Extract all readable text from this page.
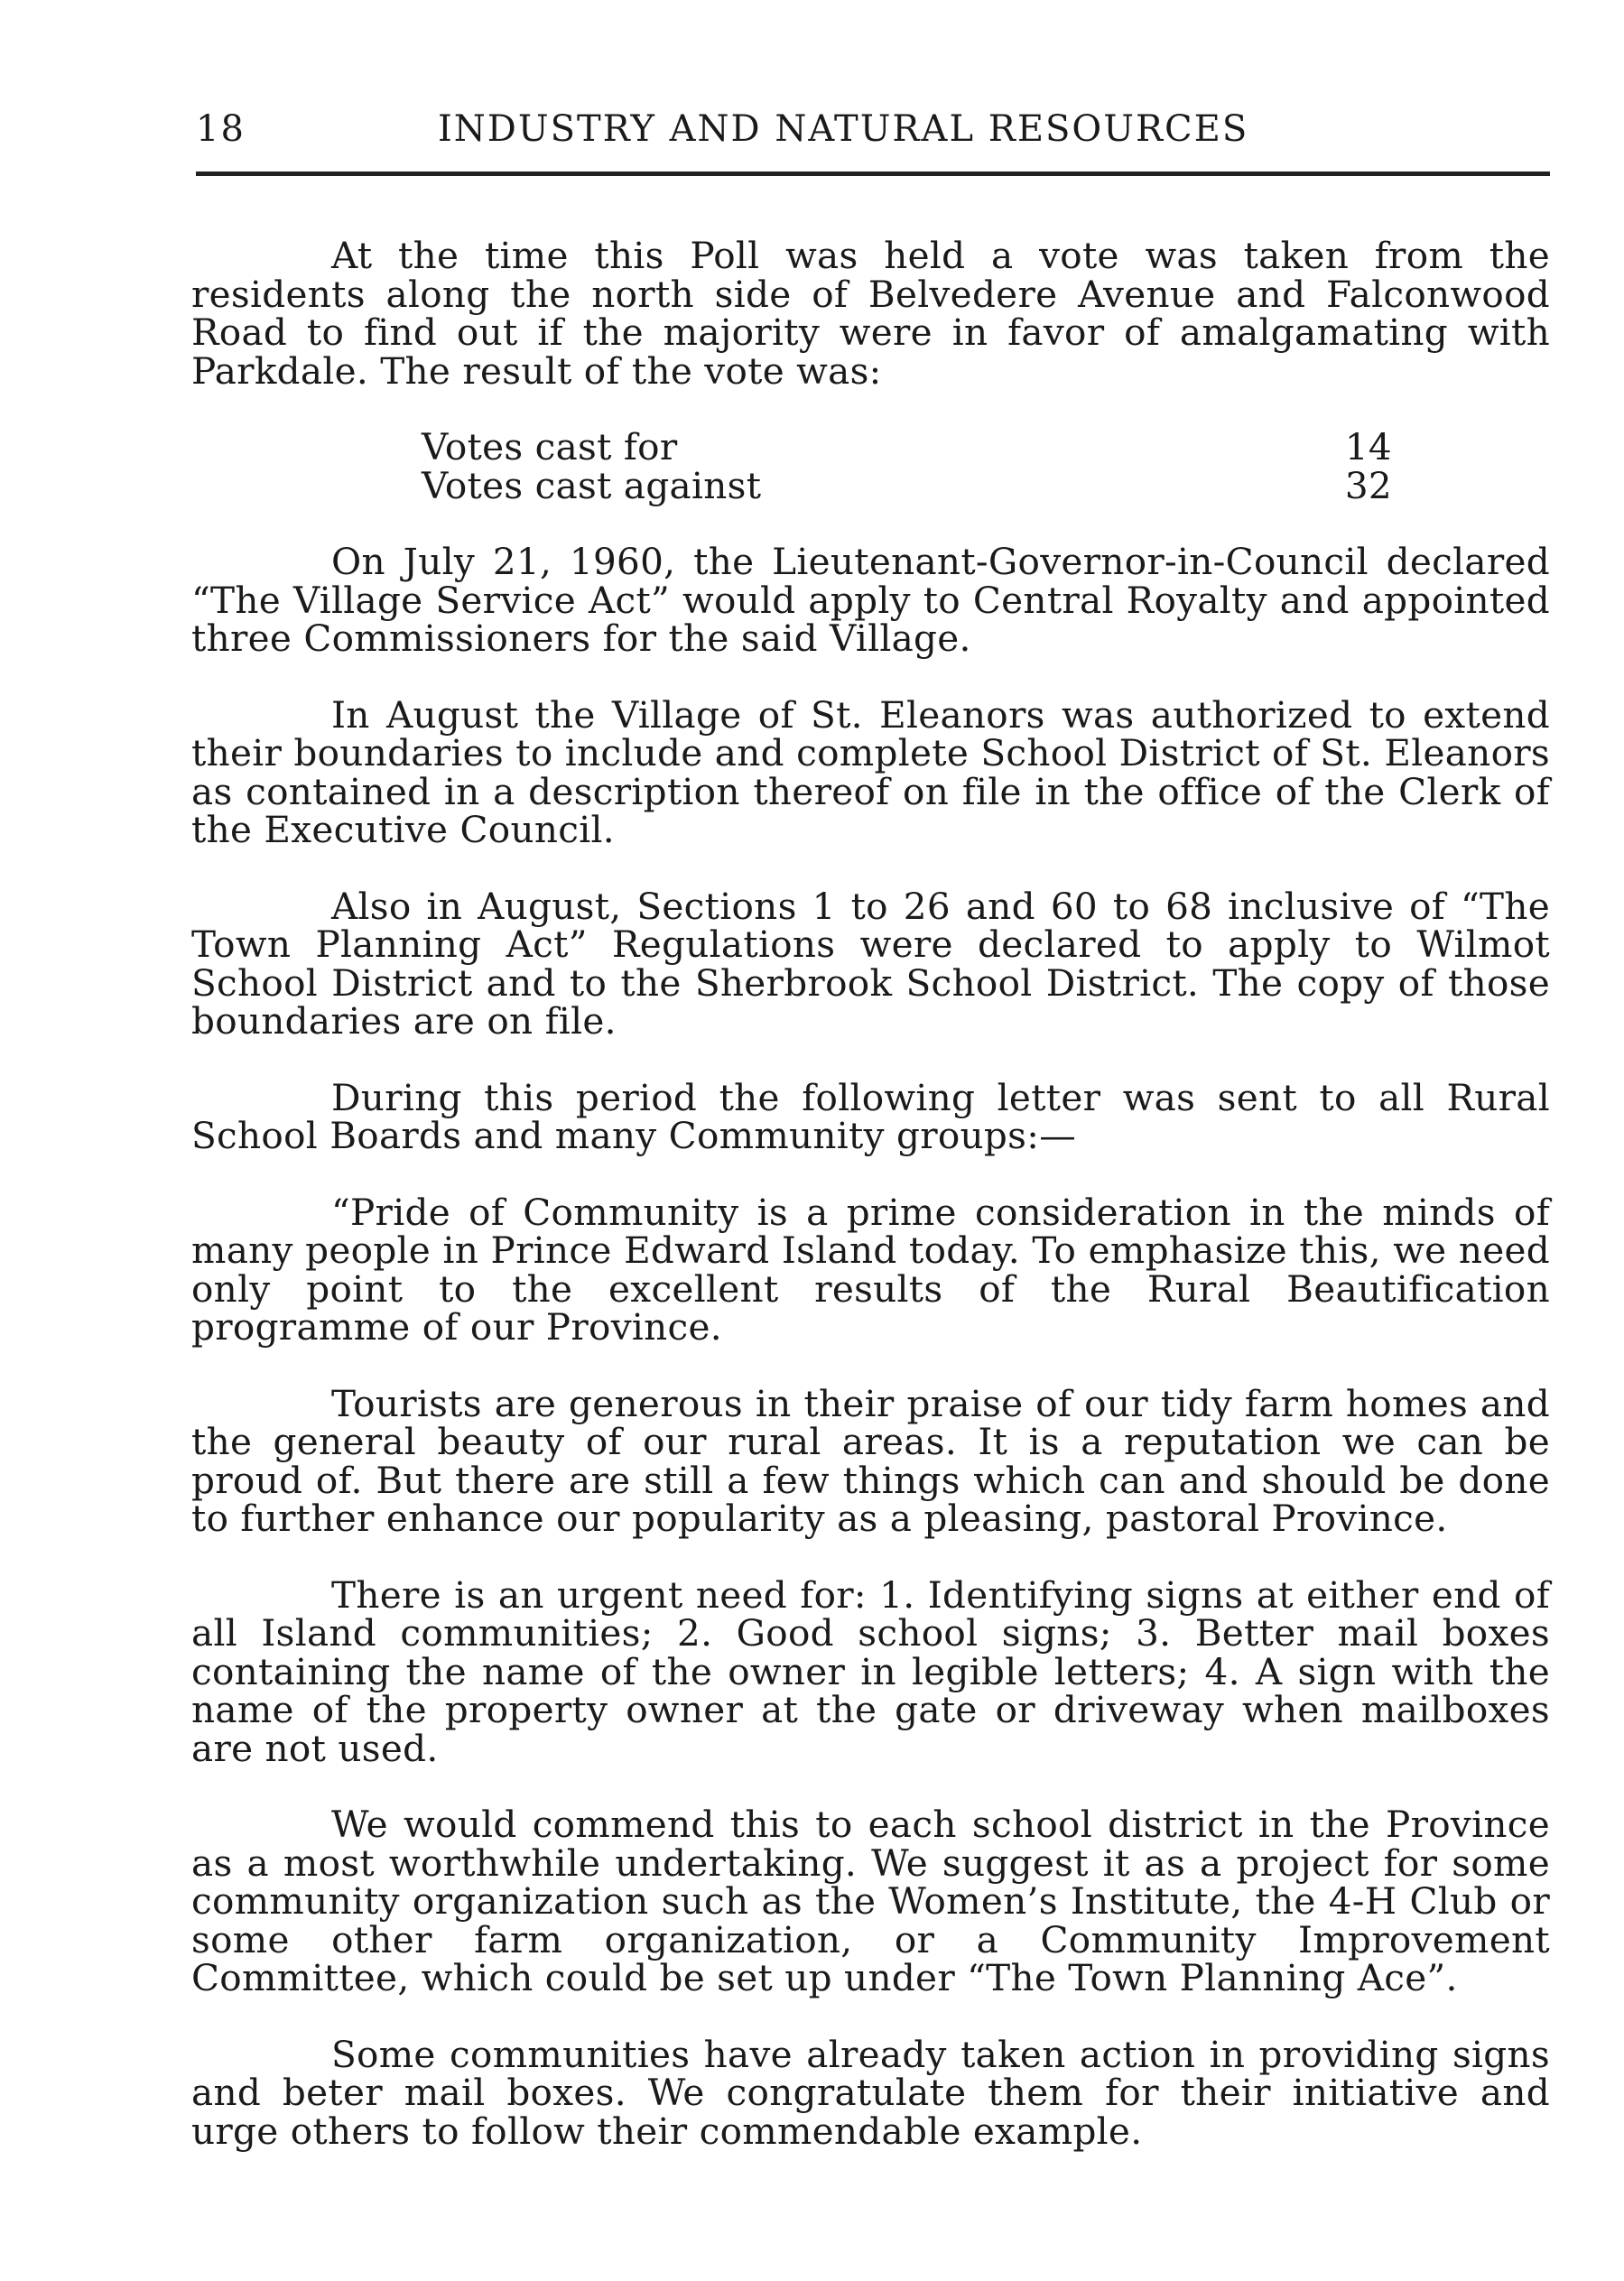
18	INDUSTRY AND NATURAL RESOURCES

At the time this Poll was held a vote was taken from the residents along the north side of Belvedere Avenue and Falconwood Road to find out if the majority were in favor of amalgamating with Parkdale. The result of the vote was:

Votes cast for	14
Votes cast against	32

On July 21, 1960, the Lieutenant-Governor-in-Council declared “The Village Service Act” would apply to Central Royalty and appointed three Commissioners for the said Village.

In August the Village of St. Eleanors was authorized to extend their boundaries to include and complete School District of St. Eleanors as contained in a description thereof on file in the office of the Clerk of the Executive Council.

Also in August, Sections 1 to 26 and 60 to 68 inclusive of “The Town Planning Act” Regulations were declared to apply to Wilmot School District and to the Sherbrook School District. The copy of those boundaries are on file.

During this period the following letter was sent to all Rural School Boards and many Community groups:—

“Pride of Community is a prime consideration in the minds of many people in Prince Edward Island today. To emphasize this, we need only point to the excellent results of the Rural Beautification programme of our Province.

Tourists are generous in their praise of our tidy farm homes and the general beauty of our rural areas. It is a reputation we can be proud of. But there are still a few things which can and should be done to further enhance our popularity as a pleasing, pastoral Province.

There is an urgent need for: 1. Identifying signs at either end of all Island communities; 2. Good school signs; 3. Better mail boxes containing the name of the owner in legible letters; 4. A sign with the name of the property owner at the gate or driveway when mailboxes are not used.

We would commend this to each school district in the Province as a most worthwhile undertaking. We suggest it as a project for some community organization such as the Women’s Institute, the 4-H Club or some other farm organization, or a Community Improvement Committee, which could be set up under “The Town Planning Ace”.

Some communities have already taken action in providing signs and beter mail boxes. We congratulate them for their initiative and urge others to follow their commendable example.
